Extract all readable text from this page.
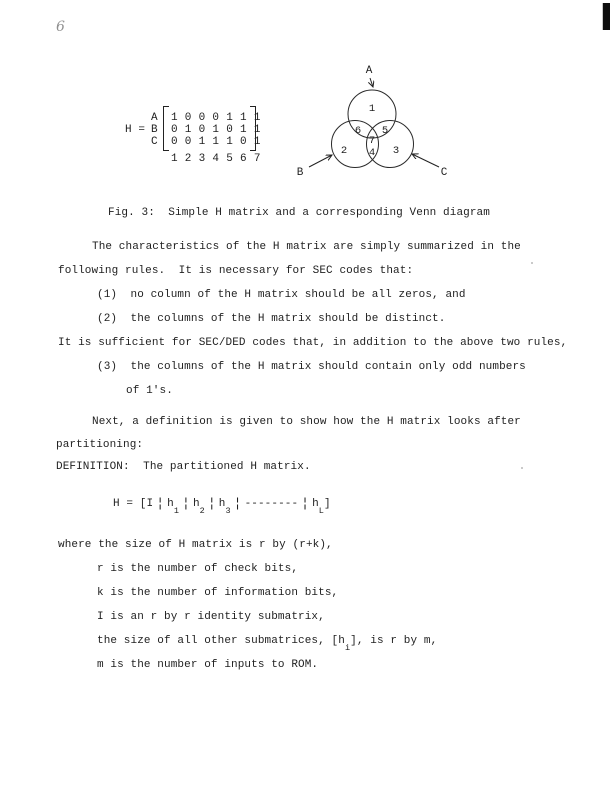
6
H =
A
B
C
1 0 0 0 1 1 1
0 1 0 1 0 1 1
0 0 1 1 1 0 1
1 2 3 4 5 6 7
A
B	C
1
6 5
7
2 4 3
Fig. 3:  Simple H matrix and a corresponding Venn diagram
The characteristics of the H matrix are simply summarized in the
following rules.  It is necessary for SEC codes that:
(1)  no column of the H matrix should be all zeros, and
(2)  the columns of the H matrix should be distinct.
It is sufficient for SEC/DED codes that, in addition to the above two rules,
(3)  the columns of the H matrix should contain only odd numbers
of 1's.
Next, a definition is given to show how the H matrix looks after
partitioning:
DEFINITION:  The partitioned H matrix.
H = [I ¦ $h_1$ ¦ $h_2$ ¦ $h_3$ ¦ -------- ¦ $h_L$]
where the size of H matrix is r by (r+k),
r is the number of check bits,
k is the number of information bits,
I is an r by r identity submatrix,
the size of all other submatrices, $[h_i]$, is r by m,
m is the number of inputs to ROM.
